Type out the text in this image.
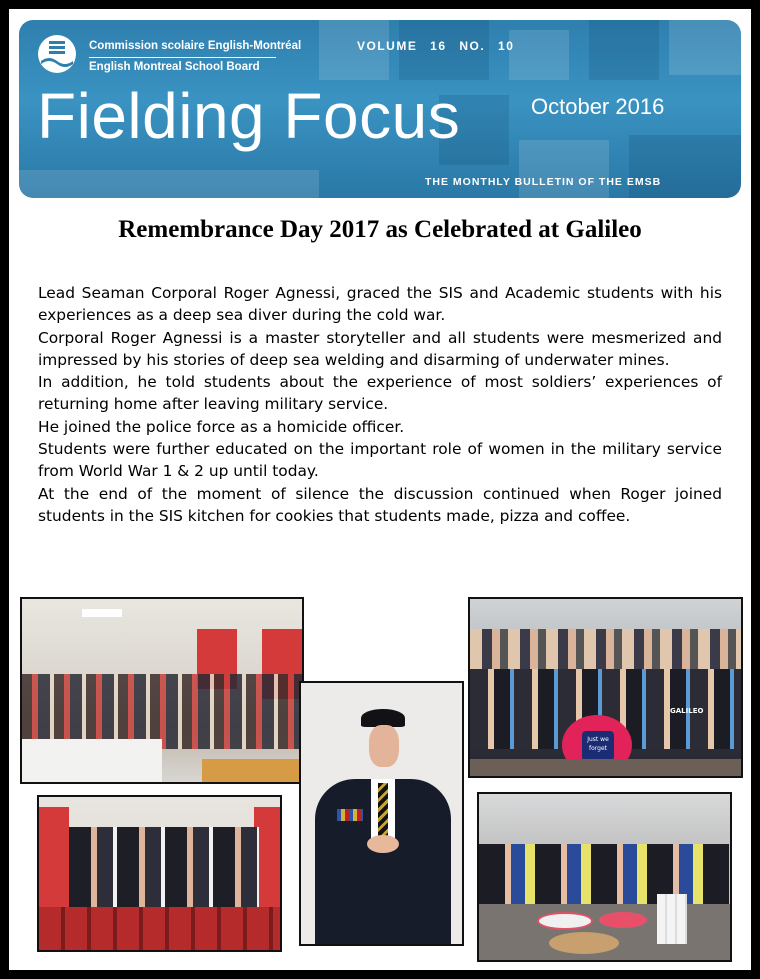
Commission scolaire English-Montréal
English Montreal School Board
VOLUME 16 NO. 10
Fielding Focus	October 2016
THE MONTHLY BULLETIN OF THE EMSB
Remembrance Day 2017 as Celebrated at Galileo

Lead Seaman Corporal Roger Agnessi, graced the SIS and Academic students with his experiences as a deep sea diver during the cold war.

Corporal Roger Agnessi is a master storyteller and all students were mesmerized and impressed by his stories of deep sea welding and disarming of underwater mines.

In addition, he told students about the experience of most soldiers’ experiences of returning home after leaving military service.

He joined the police force as a homicide officer.

Students were further educated on the important role of women in the military service from World War 1 & 2 up until today.

At the end of the moment of silence the discussion continued when Roger joined students in the SIS kitchen for cookies that students made, pizza and coffee.

Just we forget
GALILEO
